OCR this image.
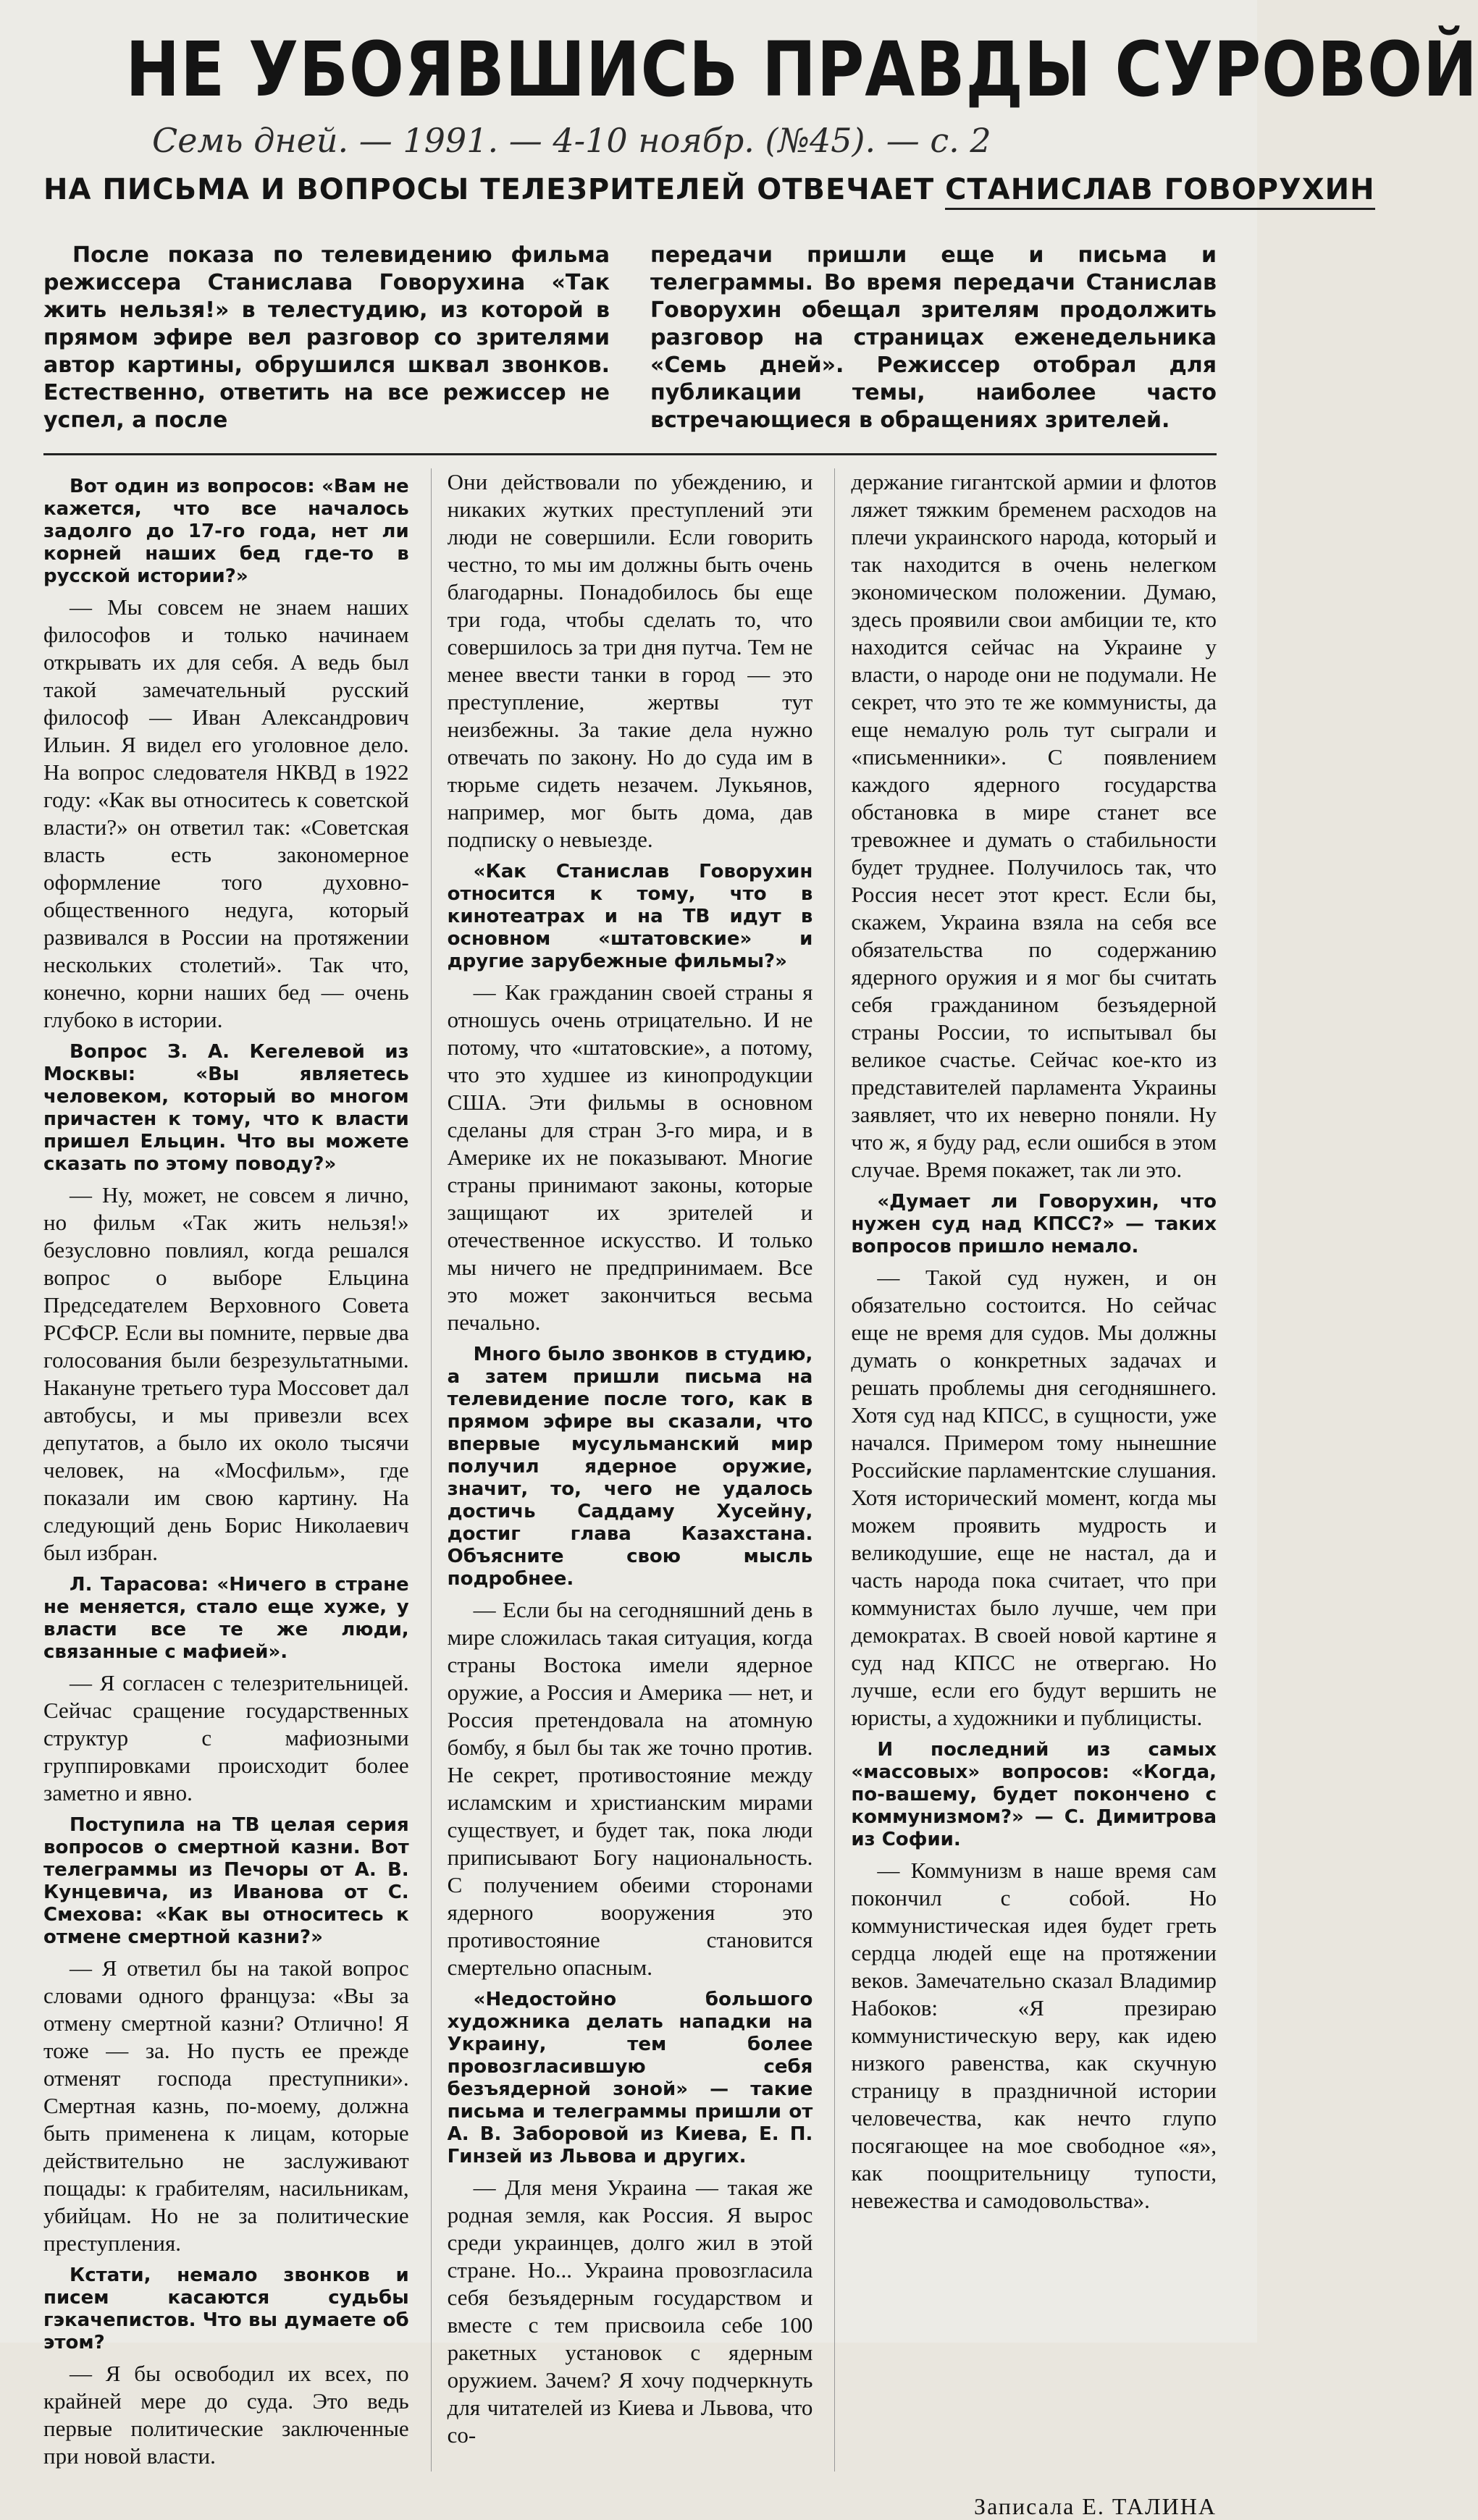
НЕ УБОЯВШИСЬ ПРАВДЫ СУРОВОЙ
Семь дней. — 1991. — 4-10 ноябр. (№45). — с. 2
НА ПИСЬМА И ВОПРОСЫ ТЕЛЕЗРИТЕЛЕЙ ОТВЕЧАЕТ СТАНИСЛАВ ГОВОРУХИН

После показа по телевидению фильма режиссера Станислава Говорухина «Так жить нельзя!» в телестудию, из которой в прямом эфире вел разговор со зрителями автор картины, обрушился шквал звонков. Естественно, ответить на все режиссер не успел, а после

передачи пришли еще и письма и телеграммы. Во время передачи Станислав Говорухин обещал зрителям продолжить разговор на страницах еженедельника «Семь дней». Режиссер отобрал для публикации темы, наиболее часто встречающиеся в обращениях зрителей.

Вот один из вопросов: «Вам не кажется, что все началось задолго до 17-го года, нет ли корней наших бед где-то в русской истории?»

— Мы совсем не знаем наших философов и только начинаем открывать их для себя. А ведь был такой замечательный русский философ — Иван Александрович Ильин. Я видел его уголовное дело. На вопрос следователя НКВД в 1922 году: «Как вы относитесь к советской власти?» он ответил так: «Советская власть есть закономерное оформление того духовно-общественного недуга, который развивался в России на протяжении нескольких столетий». Так что, конечно, корни наших бед — очень глубоко в истории.

Вопрос З. А. Кегелевой из Москвы: «Вы являетесь человеком, который во многом причастен к тому, что к власти пришел Ельцин. Что вы можете сказать по этому поводу?»

— Ну, может, не совсем я лично, но фильм «Так жить нельзя!» безусловно повлиял, когда решался вопрос о выборе Ельцина Председателем Верховного Совета РСФСР. Если вы помните, первые два голосования были безрезультатными. Накануне третьего тура Моссовет дал автобусы, и мы привезли всех депутатов, а было их около тысячи человек, на «Мосфильм», где показали им свою картину. На следующий день Борис Николаевич был избран.

Л. Тарасова: «Ничего в стране не меняется, стало еще хуже, у власти все те же люди, связанные с мафией».

— Я согласен с телезрительницей. Сейчас сращение государственных структур с мафиозными группировками происходит более заметно и явно.

Поступила на ТВ целая серия вопросов о смертной казни. Вот телеграммы из Печоры от А. В. Кунцевича, из Иванова от С. Смехова: «Как вы относитесь к отмене смертной казни?»

— Я ответил бы на такой вопрос словами одного француза: «Вы за отмену смертной казни? Отлично! Я тоже — за. Но пусть ее прежде отменят господа преступники». Смертная казнь, по-моему, должна быть применена к лицам, которые действительно не заслуживают пощады: к грабителям, насильникам, убийцам. Но не за политические преступления.

Кстати, немало звонков и писем касаются судьбы гэкачепистов. Что вы думаете об этом?

— Я бы освободил их всех, по крайней мере до суда. Это ведь первые политические заключенные при новой власти.

Они действовали по убеждению, и никаких жутких преступлений эти люди не совершили. Если говорить честно, то мы им должны быть очень благодарны. Понадобилось бы еще три года, чтобы сделать то, что совершилось за три дня путча. Тем не менее ввести танки в город — это преступление, жертвы тут неизбежны. За такие дела нужно отвечать по закону. Но до суда им в тюрьме сидеть незачем. Лукьянов, например, мог быть дома, дав подписку о невыезде.

«Как Станислав Говорухин относится к тому, что в кинотеатрах и на ТВ идут в основном «штатовские» и другие зарубежные фильмы?»

— Как гражданин своей страны я отношусь очень отрицательно. И не потому, что «штатовские», а потому, что это худшее из кинопродукции США. Эти фильмы в основном сделаны для стран 3-го мира, и в Америке их не показывают. Многие страны принимают законы, которые защищают их зрителей и отечественное искусство. И только мы ничего не предпринимаем. Все это может закончиться весьма печально.

Много было звонков в студию, а затем пришли письма на телевидение после того, как в прямом эфире вы сказали, что впервые мусульманский мир получил ядерное оружие, значит, то, чего не удалось достичь Саддаму Хусейну, достиг глава Казахстана. Объясните свою мысль подробнее.

— Если бы на сегодняшний день в мире сложилась такая ситуация, когда страны Востока имели ядерное оружие, а Россия и Америка — нет, и Россия претендовала на атомную бомбу, я был бы так же точно против. Не секрет, противостояние между исламским и христианским мирами существует, и будет так, пока люди приписывают Богу национальность. С получением обеими сторонами ядерного вооружения это противостояние становится смертельно опасным.

«Недостойно большого художника делать нападки на Украину, тем более провозгласившую себя безъядерной зоной» — такие письма и телеграммы пришли от А. В. Заборовой из Киева, Е. П. Гинзей из Львова и других.

— Для меня Украина — такая же родная земля, как Россия. Я вырос среди украинцев, долго жил в этой стране. Но... Украина провозгласила себя безъядерным государством и вместе с тем присвоила себе 100 ракетных установок с ядерным оружием. Зачем? Я хочу подчеркнуть для читателей из Киева и Львова, что со-

держание гигантской армии и флотов ляжет тяжким бременем расходов на плечи украинского народа, который и так находится в очень нелегком экономическом положении. Думаю, здесь проявили свои амбиции те, кто находится сейчас на Украине у власти, о народе они не подумали. Не секрет, что это те же коммунисты, да еще немалую роль тут сыграли и «письменники». С появлением каждого ядерного государства обстановка в мире станет все тревожнее и думать о стабильности будет труднее. Получилось так, что Россия несет этот крест. Если бы, скажем, Украина взяла на себя все обязательства по содержанию ядерного оружия и я мог бы считать себя гражданином безъядерной страны России, то испытывал бы великое счастье. Сейчас кое-кто из представителей парламента Украины заявляет, что их неверно поняли. Ну что ж, я буду рад, если ошибся в этом случае. Время покажет, так ли это.

«Думает ли Говорухин, что нужен суд над КПСС?» — таких вопросов пришло немало.

— Такой суд нужен, и он обязательно состоится. Но сейчас еще не время для судов. Мы должны думать о конкретных задачах и решать проблемы дня сегодняшнего. Хотя суд над КПСС, в сущности, уже начался. Примером тому нынешние Российские парламентские слушания. Хотя исторический момент, когда мы можем проявить мудрость и великодушие, еще не настал, да и часть народа пока считает, что при коммунистах было лучше, чем при демократах. В своей новой картине я суд над КПСС не отвергаю. Но лучше, если его будут вершить не юристы, а художники и публицисты.

И последний из самых «массовых» вопросов: «Когда, по-вашему, будет покончено с коммунизмом?» — С. Димитрова из Софии.

— Коммунизм в наше время сам покончил с собой. Но коммунистическая идея будет греть сердца людей еще на протяжении веков. Замечательно сказал Владимир Набоков: «Я презираю коммунистическую веру, как идею низкого равенства, как скучную страницу в праздничной истории человечества, как нечто глупо посягающее на мое свободное «я», как поощрительницу тупости, невежества и самодовольства».

Записала Е. ТАЛИНА
